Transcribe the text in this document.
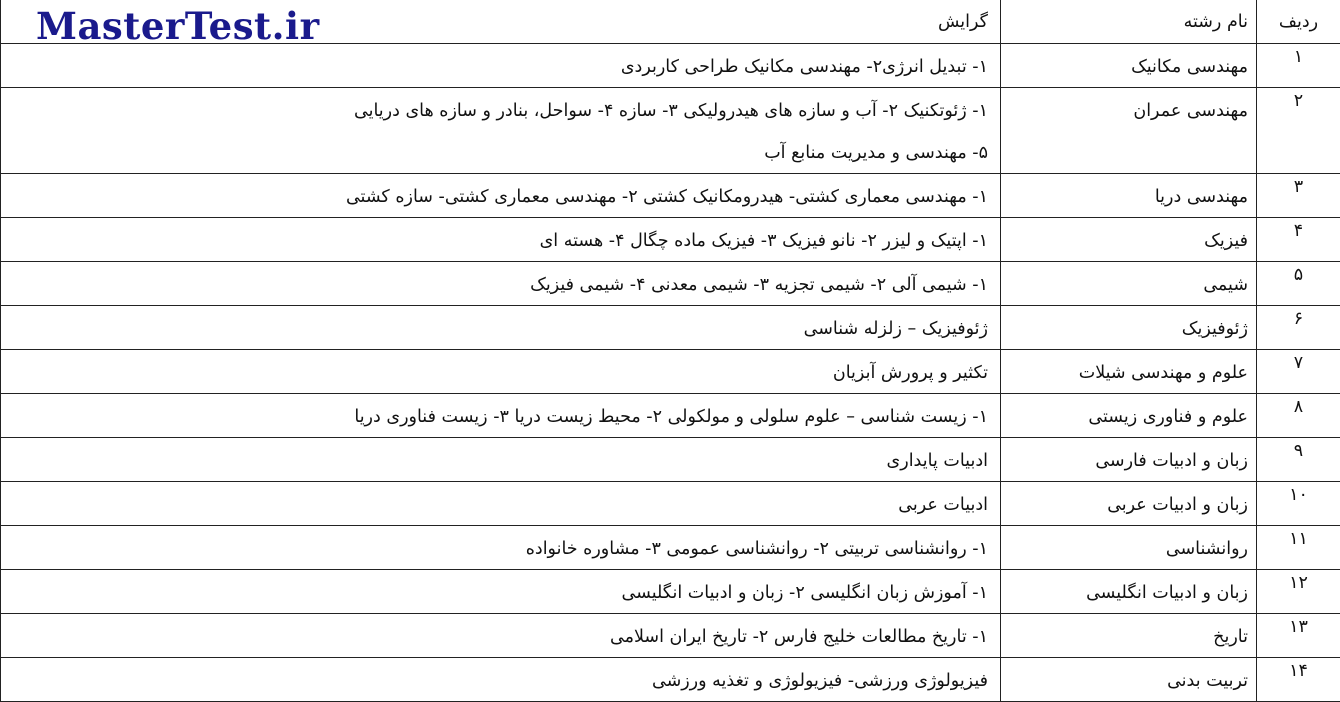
MasterTest.ir	ردیف	نام رشته	گرایش
۱	مهندسی مکانیک	۱- تبدیل انرژی۲- مهندسی مکانیک طراحی کاربردی

۲	مهندسی عمران	۱- ژئوتکنیک ۲- آب و سازه های هیدرولیکی ۳- سازه ۴- سواحل، بنادر و سازه های دریایی
۵- مهندسی و مدیریت منابع آب

۳	مهندسی دریا	۱- مهندسی معماری کشتی- هیدرومکانیک کشتی ۲- مهندسی معماری کشتی- سازه کشتی

۴	فیزیک	۱- اپتیک و لیزر ۲- نانو فیزیک ۳- فیزیک ماده چگال ۴- هسته ای

۵	شیمی	۱- شیمی آلی ۲- شیمی تجزیه ۳- شیمی معدنی ۴- شیمی فیزیک

۶	ژئوفیزیک	ژئوفیزیک – زلزله شناسی

۷	علوم و مهندسی شیلات	تکثیر و پرورش آبزیان

۸	علوم و فناوری زیستی	۱- زیست شناسی – علوم سلولی و مولکولی ۲- محیط زیست دریا ۳- زیست فناوری دریا

۹	زبان و ادبیات فارسی	ادبیات پایداری

۱۰	زبان و ادبیات عربی	ادبیات عربی

۱۱	روانشناسی	۱- روانشناسی تربیتی ۲- روانشناسی عمومی ۳- مشاوره خانواده

۱۲	زبان و ادبیات انگلیسی	۱- آموزش زبان انگلیسی ۲- زبان و ادبیات انگلیسی

۱۳	تاریخ	۱- تاریخ مطالعات خلیج فارس ۲- تاریخ ایران اسلامی

۱۴	تربیت بدنی	فیزیولوژی ورزشی- فیزیولوژی و تغذیه ورزشی
